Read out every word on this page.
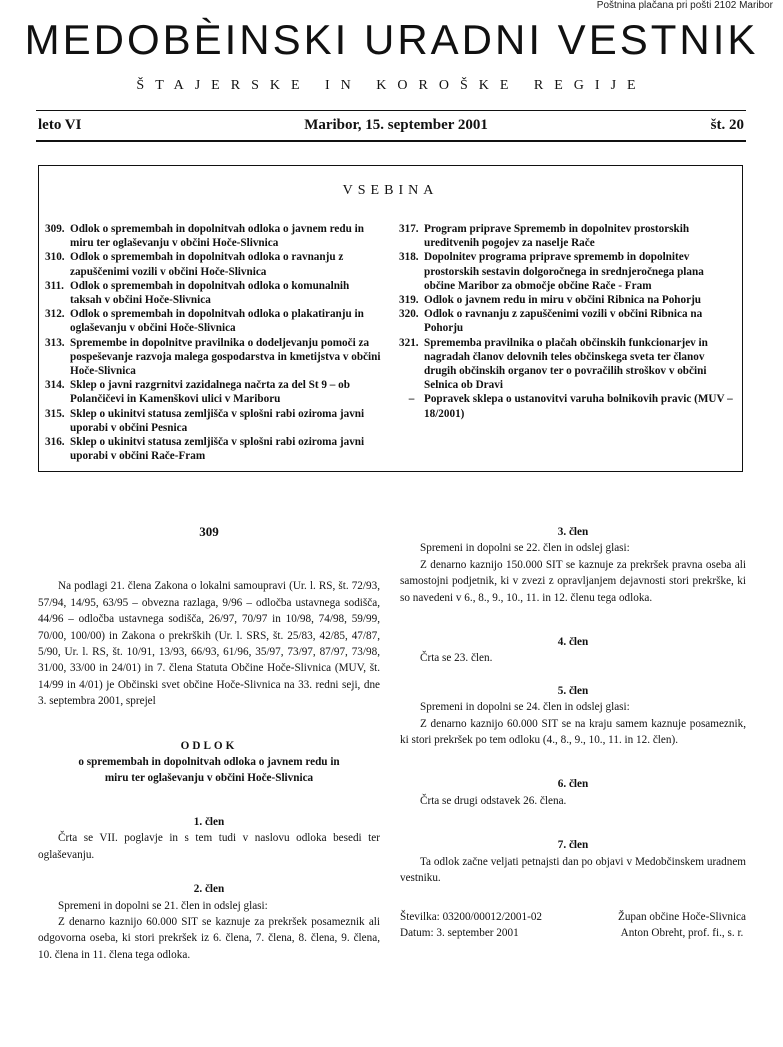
Poštnina plačana pri pošti 2102 Maribor
MEDOBÈINSKI URADNI VESTNIK
ŠTAJERSKE IN KOROŠKE REGIJE
leto VI	Maribor, 15. september 2001	št. 20
VSEBINA
309. Odlok o spremembah in dopolnitvah odloka o javnem redu in miru ter oglaševanju v občini Hoče-Slivnica
310. Odlok o spremembah in dopolnitvah odloka o ravnanju z zapuščenimi vozili v občini Hoče-Slivnica
311. Odlok o spremembah in dopolnitvah odloka o komunalnih taksah v občini Hoče-Slivnica
312. Odlok o spremembah in dopolnitvah odloka o plakatiranju in oglaševanju v občini Hoče-Slivnica
313. Spremembe in dopolnitve pravilnika o dodeljevanju pomoči za pospeševanje razvoja malega gospodarstva in kmetijstva v občini Hoče-Slivnica
314. Sklep o javni razgrnitvi zazidalnega načrta za del St 9 – ob Polančičevi in Kamenškovi ulici v Mariboru
315. Sklep o ukinitvi statusa zemljišča v splošni rabi oziroma javni uporabi v občini Pesnica
316. Sklep o ukinitvi statusa zemljišča v splošni rabi oziroma javni uporabi v občini Rače-Fram
317. Program priprave Sprememb in dopolnitev prostorskih ureditvenih pogojev za naselje Rače
318. Dopolnitev programa priprave sprememb in dopolnitev prostorskih sestavin dolgoročnega in srednjeročnega plana občine Maribor za območje občine Rače - Fram
319. Odlok o javnem redu in miru v občini Ribnica na Pohorju
320. Odlok o ravnanju z zapuščenimi vozili v občini Ribnica na Pohorju
321. Sprememba pravilnika o plačah občinskih funkcionarjev in nagradah članov delovnih teles občinskega sveta ter članov drugih občinskih organov ter o povračilih stroškov v občini Selnica ob Dravi
– Popravek sklepa o ustanovitvi varuha bolnikovih pravic (MUV – 18/2001)
309

Na podlagi 21. člena Zakona o lokalni samoupravi (Ur. l. RS, št. 72/93, 57/94, 14/95, 63/95 – obvezna razlaga, 9/96 – odločba ustavnega sodišča, 44/96 – odločba ustavnega sodišča, 26/97, 70/97 in 10/98, 74/98, 59/99, 70/00, 100/00) in Zakona o prekrških (Ur. l. SRS, št. 25/83, 42/85, 47/87, 5/90, Ur. l. RS, št. 10/91, 13/93, 66/93, 61/96, 35/97, 73/97, 87/97, 73/98, 31/00, 33/00 in 24/01) in 7. člena Statuta Občine Hoče-Slivnica (MUV, št. 14/99 in 4/01) je Občinski svet občine Hoče-Slivnica na 33. redni seji, dne 3. septembra 2001, sprejel

ODLOK
o spremembah in dopolnitvah odloka o javnem redu in miru ter oglaševanju v občini Hoče-Slivnica
1. člen

Črta se VII. poglavje in s tem tudi v naslovu odloka besedi ter oglaševanju.

2. člen

Spremeni in dopolni se 21. člen in odslej glasi:

Z denarno kaznijo 60.000 SIT se kaznuje za prekršek posameznik ali odgovorna oseba, ki stori prekršek iz 6. člena, 7. člena, 8. člena, 9. člena, 10. člena in 11. člena tega odloka.

3. člen

Spremeni in dopolni se 22. člen in odslej glasi:

Z denarno kaznijo 150.000 SIT se kaznuje za prekršek pravna oseba ali samostojni podjetnik, ki v zvezi z opravljanjem dejavnosti stori prekrške, ki so navedeni v 6., 8., 9., 10., 11. in 12. členu tega odloka.

4. člen

Črta se 23. člen.

5. člen

Spremeni in dopolni se 24. člen in odslej glasi:

Z denarno kaznijo 60.000 SIT se na kraju samem kaznuje posameznik, ki stori prekršek po tem odloku (4., 8., 9., 10., 11. in 12. člen).

6. člen

Črta se drugi odstavek 26. člena.

7. člen

Ta odlok začne veljati petnajsti dan po objavi v Medobčinskem uradnem vestniku.

Številka: 03200/00012/2001-02
Datum: 3. september 2001
Župan občine Hoče-Slivnica
Anton Obreht, prof. fi., s. r.
